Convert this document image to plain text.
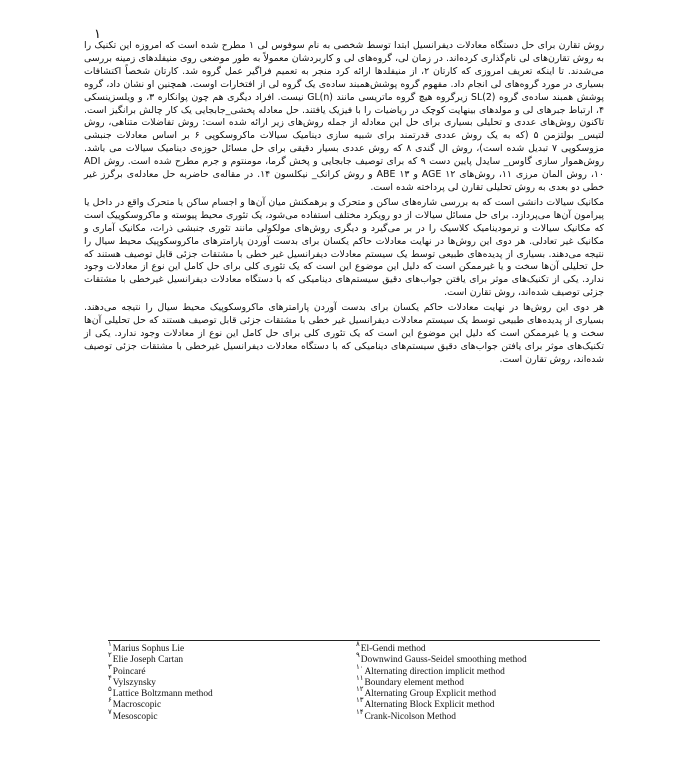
۱

روش تقارن برای حل دستگاه معادلات دیفرانسیل ابتدا توسط شخصی به نام سوفوس لی ۱ مطرح شده است که امروزه این تکنیک را به روش تقارن‌های لی نام‌گذاری کرده‌اند. در زمان لی، گروه‌های لی و کاربردشان معمولاً به طور موضعی روی منیفلدهای زمینه بررسی می‌شدند. تا اینکه تعریف امروزی که کارتان ۲، از منیفلدها ارائه کرد منجر به تعمیم فراگیر عمل گروه شد. کارتان شخصاً اکتشافات بسیاری در مورد گروه‌های لی انجام داد. مفهوم گروه پوشش‌همبند ساده‌ی یک گروه لی از افتخارات اوست. همچنین او نشان داد، گروه پوشش همبند ساده‌ی گروه SL(2) زیرگروه هیچ گروه ماتریسی مانند GL(n) نیست. افراد دیگری هم چون پوانکاره ۳، و ویلسزینسکی ۴، ارتباط جبرهای لی و مولدهای بینهایت کوچک در ریاضیات را با فیزیک یافتند. حل معادله پخشی_جابجایی یک کار چالش برانگیز است. تاکنون روش‌های عددی و تحلیلی بسیاری برای حل این معادله از جمله روش‌های زیر ارائه شده است: روش تفاضلات متناهی، روش لتیس_ بولتزمن ۵ (که به یک روش عددی قدرتمند برای شبیه سازی دینامیک سیالات ماکروسکوپی ۶ بر اساس معادلات جنبشی مزوسکوپی ۷ تبدیل شده است)، روش ال گندی ۸ که روش عددی بسیار دقیقی برای حل مسائل حوزه‌ی دینامیک سیالات می باشد. روش‌هموار سازی گاوس_ سایدل پایین دست ۹ که برای توصیف جابجایی و پخش گرما، مومنتوم و جرم مطرح شده است. روش ADI ۱۰، روش المان مرزی ۱۱، روش‌های AGE ۱۲ و ABE ۱۳ و روش کرانک_ نیکلسون ۱۴. در مقاله‌ی حاضربه حل معادله‌ی برگرز غیر خطی دو بعدی به روش تحلیلی تقارن لی پرداخته شده است.

مکانیک سیالات دانشی است که به بررسی شاره‌های ساکن و متحرک و برهمکنش میان آن‌ها و اجسام ساکن یا متحرک واقع در داخل یا پیرامون آن‌ها می‌پردازد. برای حل مسائل سیالات از دو رویکرد مختلف استفاده می‌شود، یک تئوری محیط پیوسته و ماکروسکوپیک است که مکانیک سیالات و ترمودینامیک کلاسیک را در بر می‌گیرد و دیگری روش‌های مولکولی مانند تئوری جنبشی ذرات، مکانیک آماری و مکانیک غیر تعادلی. هر دوی این روش‌ها در نهایت معادلات حاکم یکسان برای بدست آوردن پارامترهای ماکروسکوپیک محیط سیال را نتیجه می‌دهند. بسیاری از پدیده‌های طبیعی توسط یک سیستم معادلات دیفرانسیل غیر خطی با مشتقات جزئی قابل توصیف هستند که حل تحلیلی آن‌ها سخت و یا غیرممکن است که دلیل این موضوع این است که یک تئوری کلی برای حل کامل این نوع از معادلات وجود ندارد. یکی از تکنیک‌های موثر برای یافتن جواب‌های دقیق سیستم‌های دینامیکی که با دستگاه معادلات دیفرانسیل غیرخطی با مشتقات جزئی توصیف شده‌اند، روش تقارن است.

هر دوی این روش‌ها در نهایت معادلات حاکم یکسان برای بدست آوردن پارامترهای ماکروسکوپیک محیط سیال را نتیجه می‌دهند. بسیاری از پدیده‌های طبیعی توسط یک سیستم معادلات دیفرانسیل غیر خطی با مشتقات جزئی قابل توصیف هستند که حل تحلیلی آن‌ها سخت و یا غیرممکن است که دلیل این موضوع این است که یک تئوری کلی برای حل کامل این نوع از معادلات وجود ندارد. یکی از تکنیک‌های موثر برای یافتن جواب‌های دقیق سیستم‌های دینامیکی که با دستگاه معادلات دیفرانسیل غیرخطی با مشتقات جزئی توصیف شده‌اند، روش تقارن است.

۱ Marius Sophus Lie
۲ Elie Joseph Cartan
۳ Poincaré
۴ Vylszynsky
۵ Lattice Boltzmann method
۶ Macroscopic
۷ Mesoscopic
۸ El-Gendi method
۹ Downwind Gauss-Seidel smoothing method
۱۰ Alternating direction implicit method
۱۱ Boundary element method
۱۲ Alternating Group Explicit method
۱۳ Alternating Block Explicit method
۱۴ Crank-Nicolson Method
